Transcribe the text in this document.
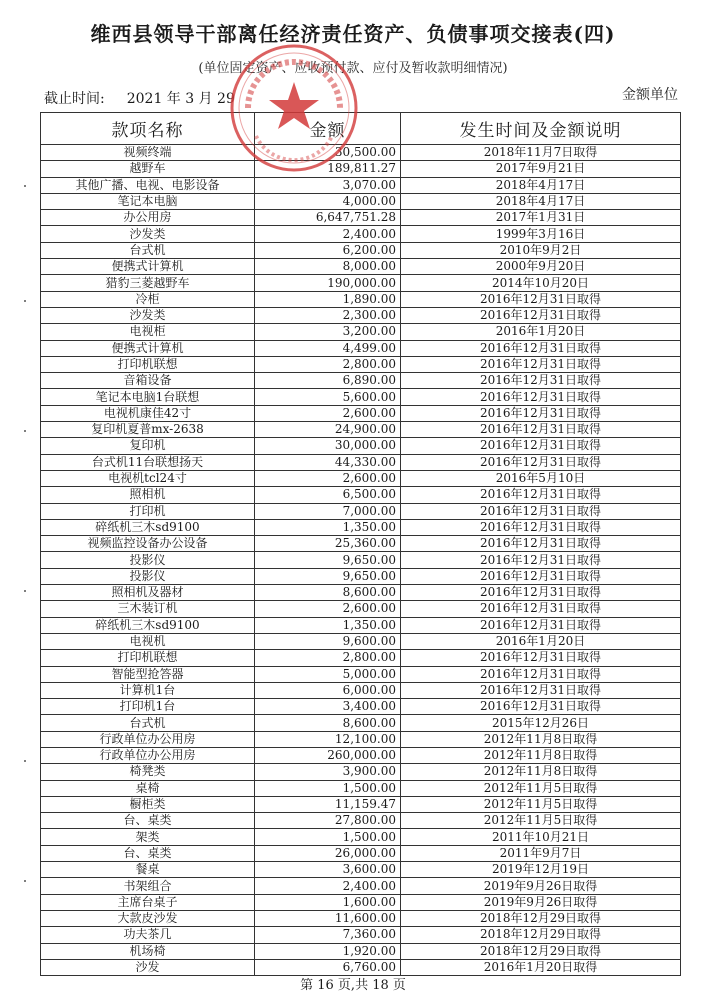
维西县领导干部离任经济责任资产、负债事项交接表(四)
(单位固定资产、应收预付款、应付及暂收款明细情况)
截止时间: 2021 年 3 月 29	金额单位
款项名称	金额	发生时间及金额说明
视频终端	30,500.00	2018年11月7日取得
越野车	189,811.27	2017年9月21日
其他广播、电视、电影设备	3,070.00	2018年4月17日
笔记本电脑	4,000.00	2018年4月17日
办公用房	6,647,751.28	2017年1月31日
沙发类	2,400.00	1999年3月16日
台式机	6,200.00	2010年9月2日
便携式计算机	8,000.00	2000年9月20日
猎豹三菱越野车	190,000.00	2014年10月20日
冷柜	1,890.00	2016年12月31日取得
沙发类	2,300.00	2016年12月31日取得
电视柜	3,200.00	2016年1月20日
便携式计算机	4,499.00	2016年12月31日取得
打印机联想	2,800.00	2016年12月31日取得
音箱设备	6,890.00	2016年12月31日取得
笔记本电脑1台联想	5,600.00	2016年12月31日取得
电视机康佳42寸	2,600.00	2016年12月31日取得
复印机夏普mx-2638	24,900.00	2016年12月31日取得
复印机	30,000.00	2016年12月31日取得
台式机11台联想扬天	44,330.00	2016年12月31日取得
电视机tcl24寸	2,600.00	2016年5月10日
照相机	6,500.00	2016年12月31日取得
打印机	7,000.00	2016年12月31日取得
碎纸机三木sd9100	1,350.00	2016年12月31日取得
视频监控设备办公设备	25,360.00	2016年12月31日取得
投影仪	9,650.00	2016年12月31日取得
投影仪	9,650.00	2016年12月31日取得
照相机及器材	8,600.00	2016年12月31日取得
三木装订机	2,600.00	2016年12月31日取得
碎纸机三木sd9100	1,350.00	2016年12月31日取得
电视机	9,600.00	2016年1月20日
打印机联想	2,800.00	2016年12月31日取得
智能型抢答器	5,000.00	2016年12月31日取得
计算机1台	6,000.00	2016年12月31日取得
打印机1台	3,400.00	2016年12月31日取得
台式机	8,600.00	2015年12月26日
行政单位办公用房	12,100.00	2012年11月8日取得
行政单位办公用房	260,000.00	2012年11月8日取得
椅凳类	3,900.00	2012年11月8日取得
桌椅	1,500.00	2012年11月5日取得
橱柜类	11,159.47	2012年11月5日取得
台、桌类	27,800.00	2012年11月5日取得
架类	1,500.00	2011年10月21日
台、桌类	26,000.00	2011年9月7日
餐桌	3,600.00	2019年12月19日
书架组合	2,400.00	2019年9月26日取得
主席台桌子	1,600.00	2019年9月26日取得
大款皮沙发	11,600.00	2018年12月29日取得
功夫茶几	7,360.00	2018年12月29日取得
机场椅	1,920.00	2018年12月29日取得
沙发	6,760.00	2016年1月20日取得
第 16 页,共 18 页
